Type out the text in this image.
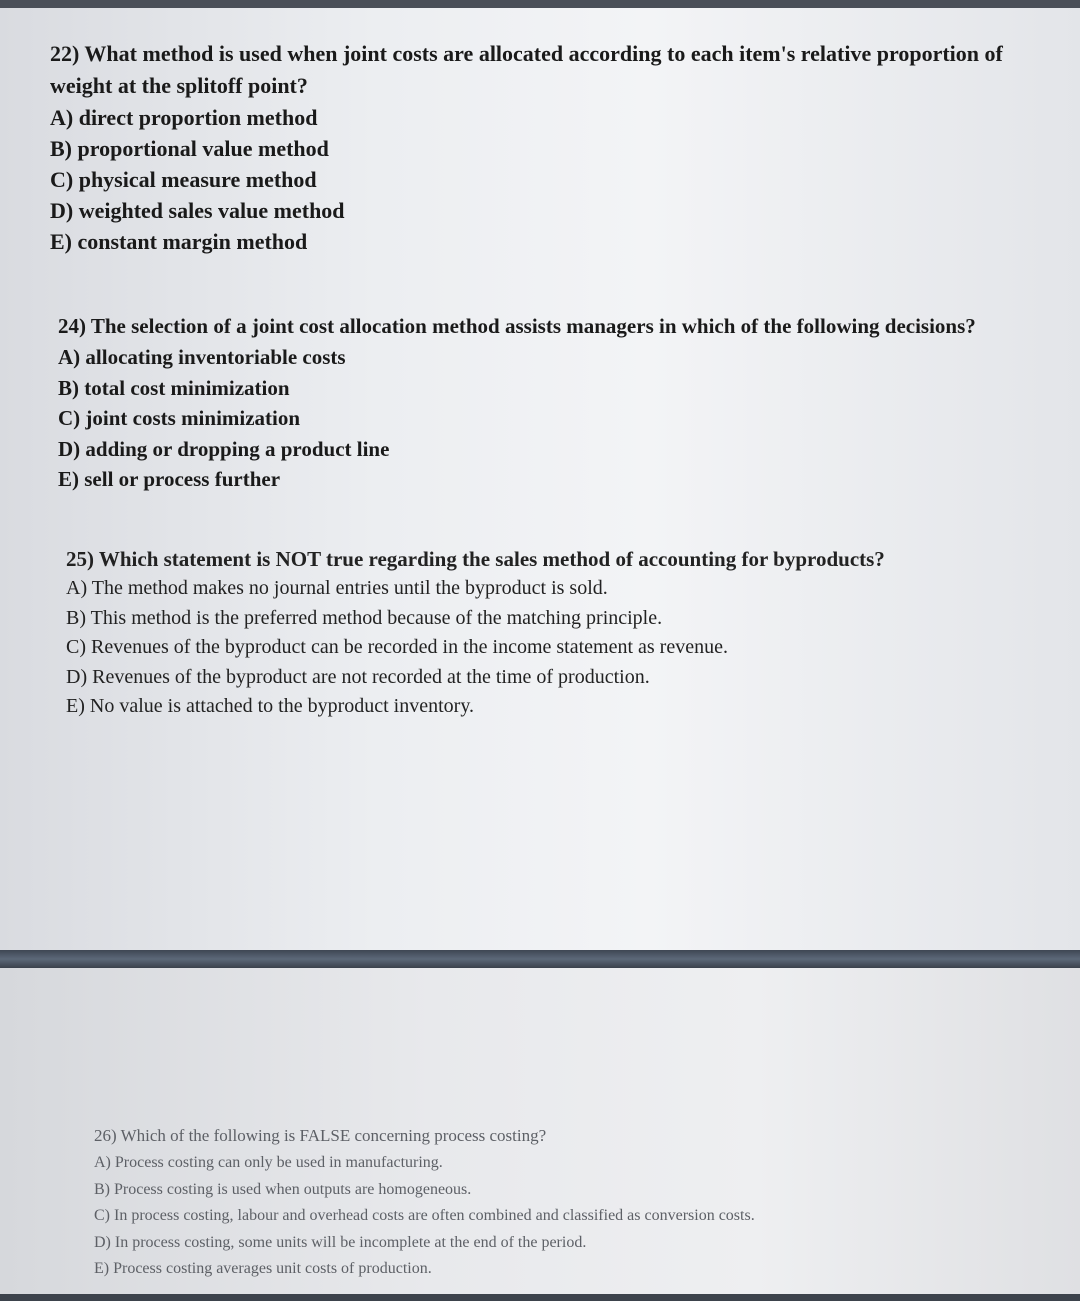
22) What method is used when joint costs are allocated according to each item's relative proportion of weight at the splitoff point?
A) direct proportion method
B) proportional value method
C) physical measure method
D) weighted sales value method
E) constant margin method
24) The selection of a joint cost allocation method assists managers in which of the following decisions?
A) allocating inventoriable costs
B) total cost minimization
C) joint costs minimization
D) adding or dropping a product line
E) sell or process further
25) Which statement is NOT true regarding the sales method of accounting for byproducts?
A) The method makes no journal entries until the byproduct is sold.
B) This method is the preferred method because of the matching principle.
C) Revenues of the byproduct can be recorded in the income statement as revenue.
D) Revenues of the byproduct are not recorded at the time of production.
E) No value is attached to the byproduct inventory.
26) Which of the following is FALSE concerning process costing?
A) Process costing can only be used in manufacturing.
B) Process costing is used when outputs are homogeneous.
C) In process costing, labour and overhead costs are often combined and classified as conversion costs.
D) In process costing, some units will be incomplete at the end of the period.
E) Process costing averages unit costs of production.
